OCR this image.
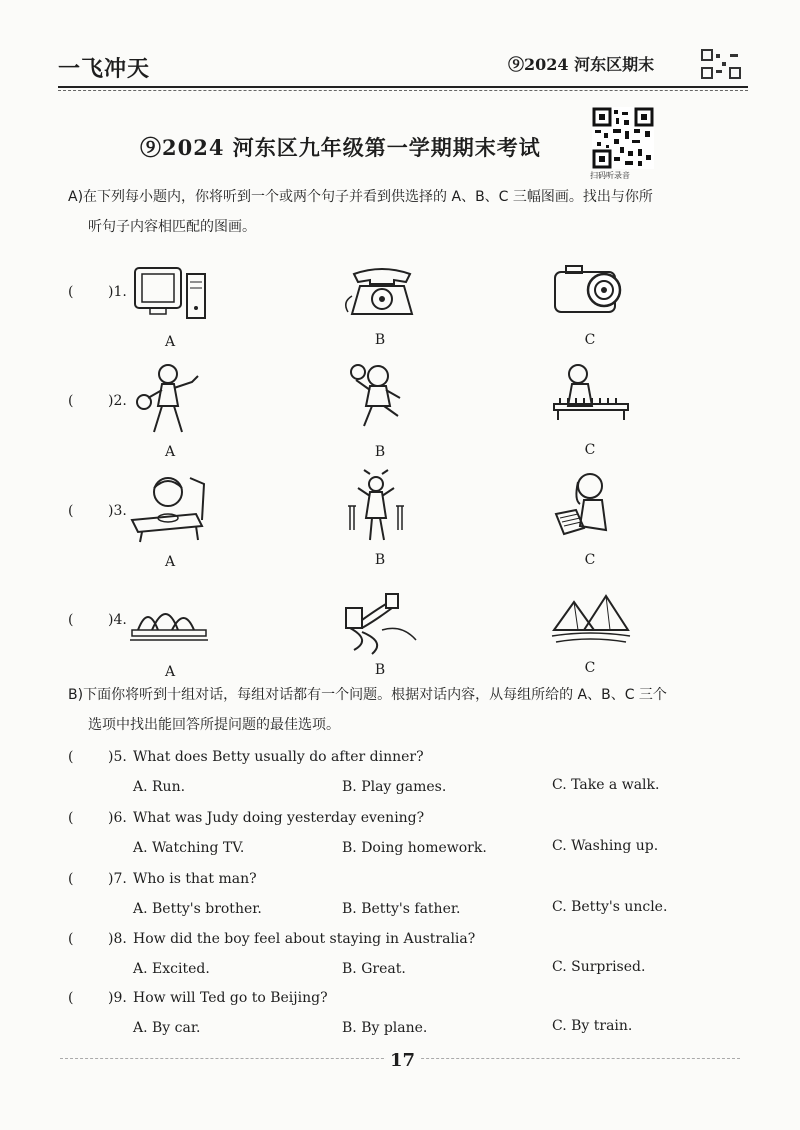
一飞冲天	⑨2024 河东区期末
⑨2024 河东区九年级第一学期期末考试
扫码听录音
A)在下列每小题内，你将听到一个或两个句子并看到供选择的 A、B、C 三幅图画。找出与你所
听句子内容相匹配的图画。
( )1.
A	B	C
( )2.
A	B	C
( )3.
A	B	C
( )4.
A	B	C
B)下面你将听到十组对话，每组对话都有一个问题。根据对话内容，从每组所给的 A、B、C 三个
选项中找出能回答所提问题的最佳选项。
( )5. What does Betty usually do after dinner?
A. Run.	B. Play games.	C. Take a walk.
( )6. What was Judy doing yesterday evening?
A. Watching TV.	B. Doing homework.	C. Washing up.
( )7. Who is that man?
A. Betty's brother.	B. Betty's father.	C. Betty's uncle.
( )8. How did the boy feel about staying in Australia?
A. Excited.	B. Great.	C. Surprised.
( )9. How will Ted go to Beijing?
A. By car.	B. By plane.	C. By train.
17
